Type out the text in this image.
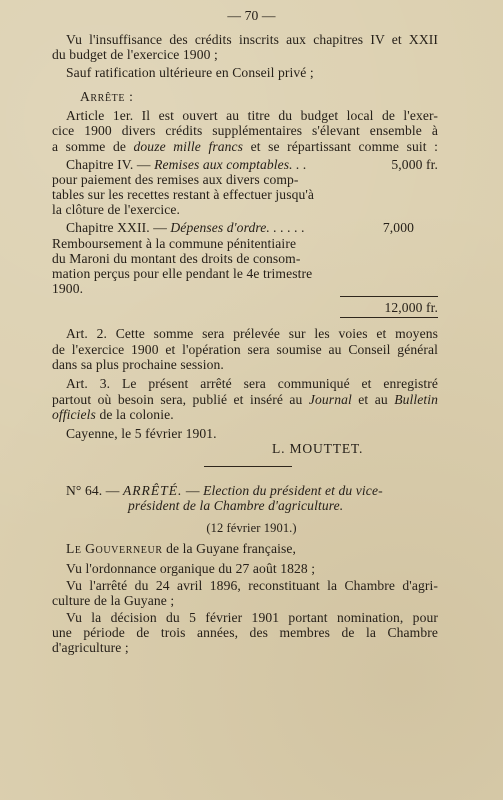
— 70 —
Vu l'insuffisance des crédits inscrits aux chapitres IV et XXII
du budget de l'exercice 1900 ;
Sauf ratification ultérieure en Conseil privé ;
Arrête :
Article 1er. Il est ouvert au titre du budget local de l'exer-
cice 1900 divers crédits supplémentaires s'élevant ensemble à
a somme de douze mille francs et se répartissant comme suit :
Chapitre IV. — Remises aux comptables. . .	5,000 fr.
pour paiement des remises aux divers comp-
tables sur les recettes restant à effectuer jusqu'à
la clôture de l'exercice.
Chapitre XXII. — Dépenses d'ordre. . . . . .	7,000
Remboursement à la commune pénitentiaire
du Maroni du montant des droits de consom-
mation perçus pour elle pendant le 4e trimestre
1900.
12,000 fr.
Art. 2. Cette somme sera prélevée sur les voies et moyens
de l'exercice 1900 et l'opération sera soumise au Conseil général
dans sa plus prochaine session.
Art. 3. Le présent arrêté sera communiqué et enregistré
partout où besoin sera, publié et inséré au Journal et au Bulletin
officiels de la colonie.
Cayenne, le 5 février 1901.
L. MOUTTET.
N° 64. — ARRÊTÉ. — Election du président et du vice-
président de la Chambre d'agriculture.
(12 février 1901.)
Le Gouverneur de la Guyane française,
Vu l'ordonnance organique du 27 août 1828 ;
Vu l'arrêté du 24 avril 1896, reconstituant la Chambre d'agri-
culture de la Guyane ;
Vu la décision du 5 février 1901 portant nomination, pour
une période de trois années, des membres de la Chambre
d'agriculture ;
